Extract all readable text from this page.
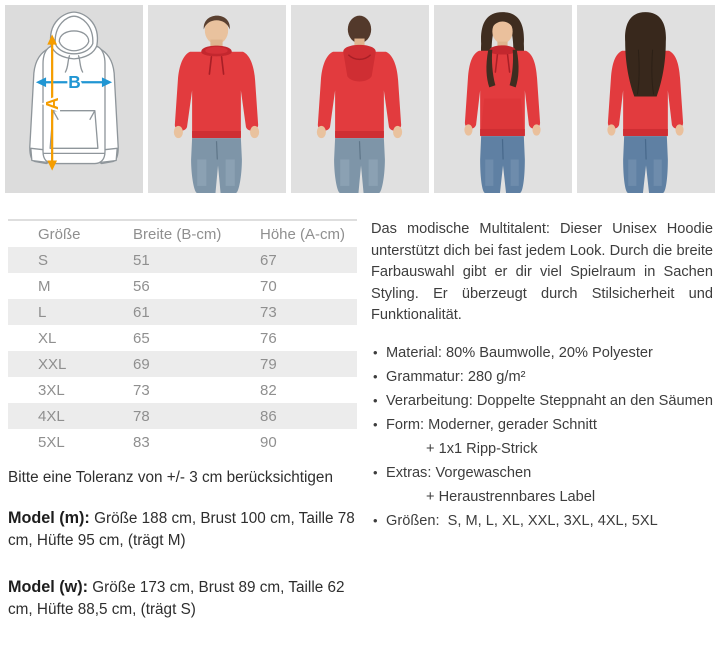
B
A
Größe	Breite (B-cm)	Höhe (A-cm)
S	51	67
M	56	70
L	61	73
XL	65	76
XXL	69	79
3XL	73	82
4XL	78	86
5XL	83	90

Das modische Multitalent: Dieser Unisex Hoodie unterstützt dich bei fast jedem Look. Durch die breite Farbauswahl gibt er dir viel Spielraum in Sachen Styling. Er überzeugt durch Stilsicherheit und Funktionalität.

• Material: 80% Baumwolle, 20% Polyester
• Grammatur: 280 g/m²
• Verarbeitung: Doppelte Steppnaht an den Säumen
• Form: Moderner, gerader Schnitt
+ 1x1 Ripp-Strick
• Extras: Vorgewaschen
+ Heraustrennbares Label
• Größen:  S, M, L, XL, XXL, 3XL, 4XL, 5XL

Bitte eine Toleranz von +/- 3 cm berücksichtigen

Model (m): Größe 188 cm, Brust 100 cm, Taille 78 cm, Hüfte 95 cm, (trägt M)

Model (w): Größe 173 cm, Brust 89 cm, Taille 62 cm, Hüfte 88,5 cm, (trägt S)
